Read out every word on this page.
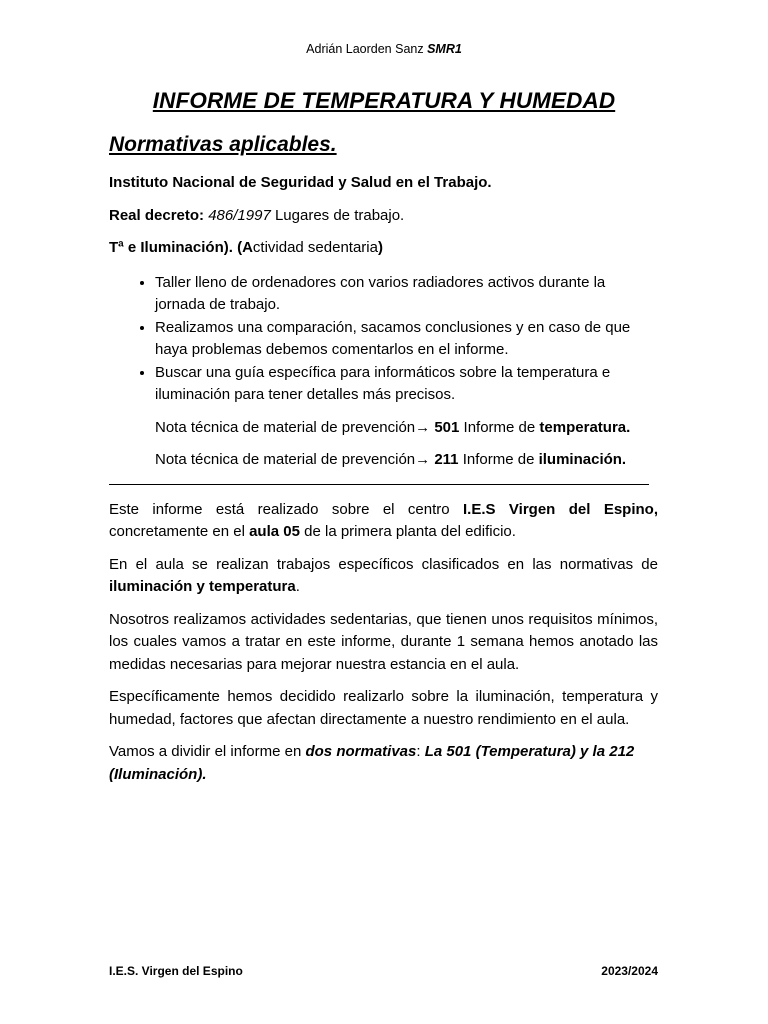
Adrián Laorden Sanz SMR1
INFORME DE TEMPERATURA Y HUMEDAD
Normativas aplicables.

Instituto Nacional de Seguridad y Salud en el Trabajo.

Real decreto: 486/1997 Lugares de trabajo.

Tª e Iluminación). (Actividad sedentaria)

• Taller lleno de ordenadores con varios radiadores activos durante la jornada de trabajo.
• Realizamos una comparación, sacamos conclusiones y en caso de que haya problemas debemos comentarlos en el informe.
• Buscar una guía específica para informáticos sobre la temperatura e iluminación para tener detalles más precisos.
Nota técnica de material de prevención→ 501 Informe de temperatura.
Nota técnica de material de prevención→ 211 Informe de iluminación.

Este informe está realizado sobre el centro I.E.S Virgen del Espino, concretamente en el aula 05 de la primera planta del edificio.

En el aula se realizan trabajos específicos clasificados en las normativas de iluminación y temperatura.

Nosotros realizamos actividades sedentarias, que tienen unos requisitos mínimos, los cuales vamos a tratar en este informe, durante 1 semana hemos anotado las medidas necesarias para mejorar nuestra estancia en el aula.

Específicamente hemos decidido realizarlo sobre la iluminación, temperatura y humedad, factores que afectan directamente a nuestro rendimiento en el aula.

Vamos a dividir el informe en dos normativas: La 501 (Temperatura) y la 212 (Iluminación).

I.E.S. Virgen del Espino	2023/2024
